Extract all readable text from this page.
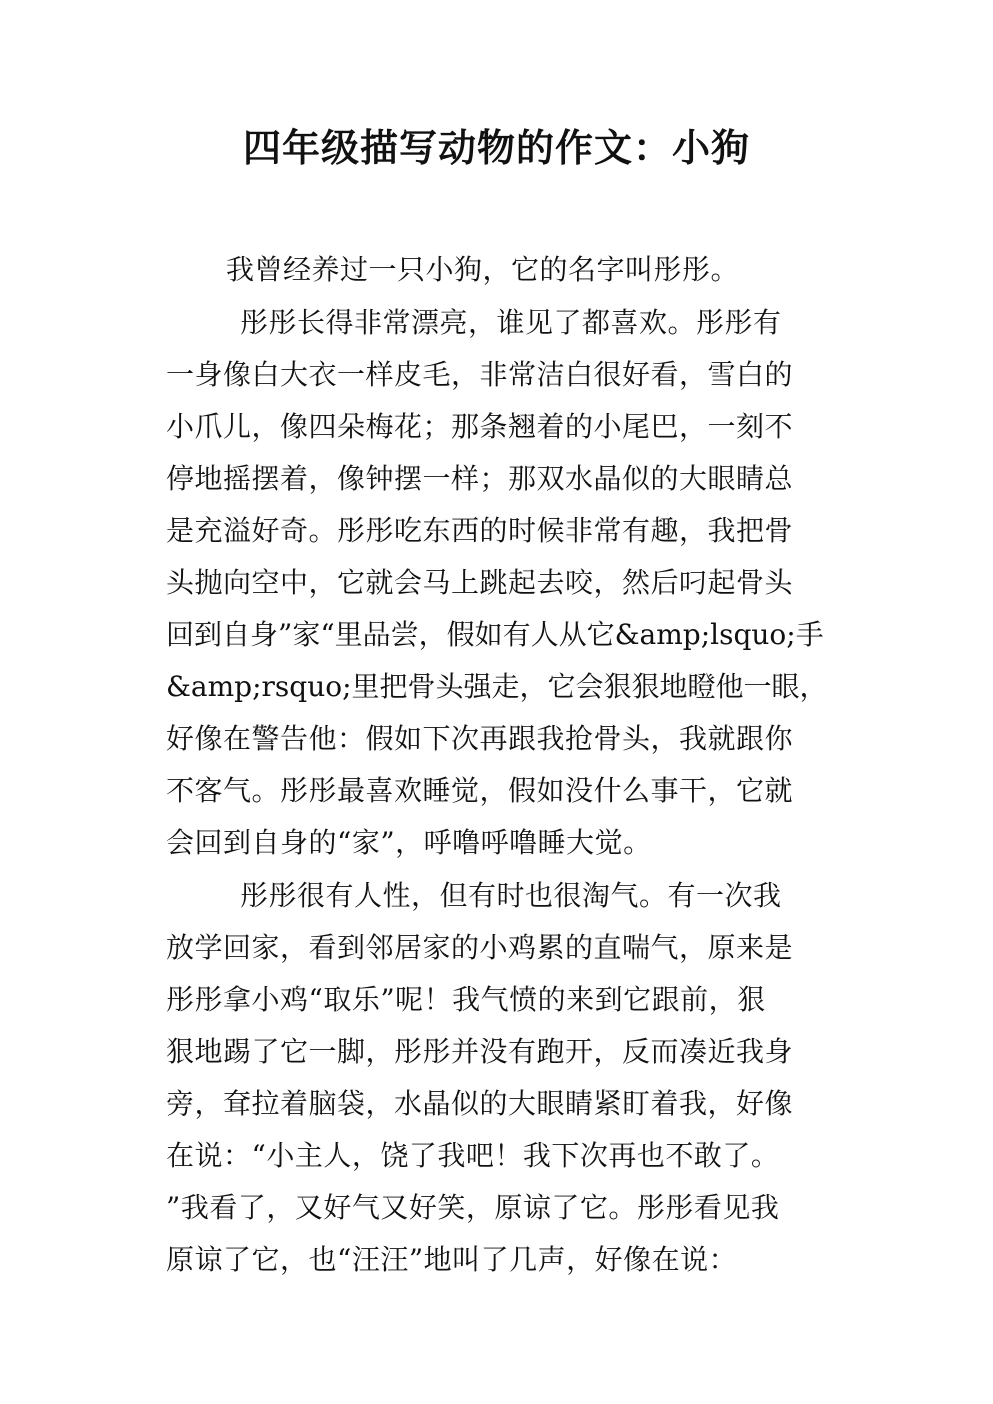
四年级描写动物的作文：小狗
我曾经养过一只小狗，它的名字叫彤彤。
彤彤长得非常漂亮，谁见了都喜欢。彤彤有
一身像白大衣一样皮毛，非常洁白很好看，雪白的
小爪儿，像四朵梅花；那条翘着的小尾巴，一刻不
停地摇摆着，像钟摆一样；那双水晶似的大眼睛总
是充溢好奇。彤彤吃东西的时候非常有趣，我把骨
头抛向空中，它就会马上跳起去咬，然后叼起骨头
回到自身”家“里品尝，假如有人从它&amp;lsquo;手
&amp;rsquo;里把骨头强走，它会狠狠地瞪他一眼，
好像在警告他：假如下次再跟我抢骨头，我就跟你
不客气。彤彤最喜欢睡觉，假如没什么事干，它就
会回到自身的“家”，呼噜呼噜睡大觉。
彤彤很有人性，但有时也很淘气。有一次我
放学回家，看到邻居家的小鸡累的直喘气，原来是
彤彤拿小鸡“取乐”呢！我气愤的来到它跟前，狠
狠地踢了它一脚，彤彤并没有跑开，反而凑近我身
旁，耷拉着脑袋，水晶似的大眼睛紧盯着我，好像
在说：“小主人，饶了我吧！我下次再也不敢了。
”我看了，又好气又好笑，原谅了它。彤彤看见我
原谅了它，也“汪汪”地叫了几声，好像在说：
